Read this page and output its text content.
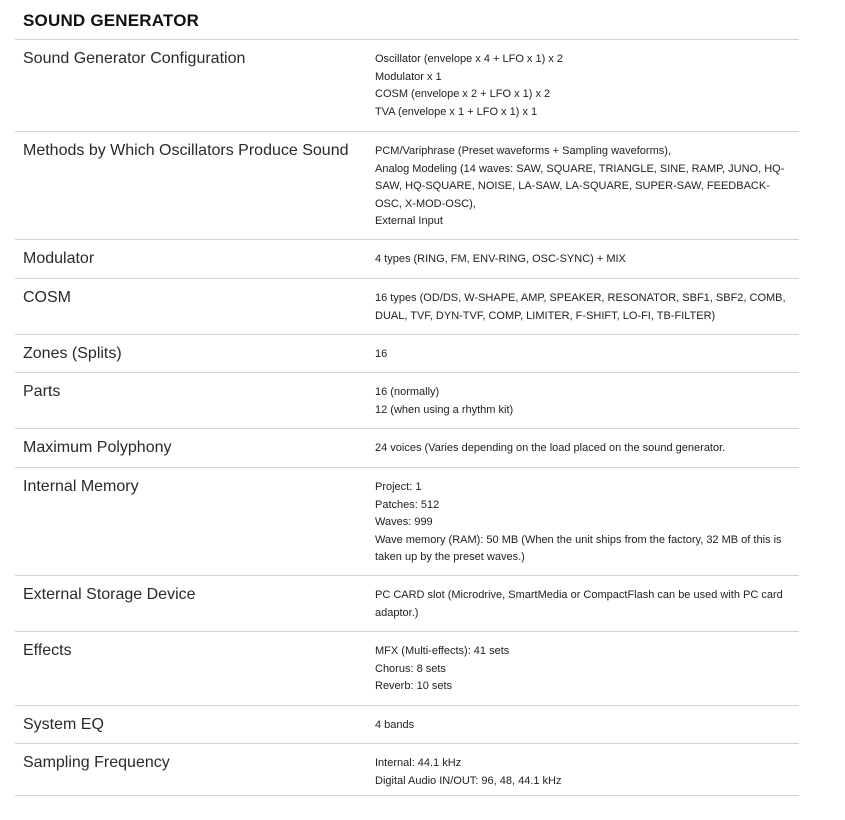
SOUND GENERATOR
Sound Generator Configuration	Oscillator (envelope x 4 + LFO x 1) x 2
Modulator x 1
COSM (envelope x 2 + LFO x 1) x 2
TVA (envelope x 1 + LFO x 1) x 1
Methods by Which Oscillators Produce Sound	PCM/Variphrase (Preset waveforms + Sampling waveforms),
Analog Modeling (14 waves: SAW, SQUARE, TRIANGLE, SINE, RAMP, JUNO, HQ-SAW, HQ-SQUARE, NOISE, LA-SAW, LA-SQUARE, SUPER-SAW, FEEDBACK-OSC, X-MOD-OSC),
External Input
Modulator	4 types (RING, FM, ENV-RING, OSC-SYNC) + MIX
COSM	16 types (OD/DS, W-SHAPE, AMP, SPEAKER, RESONATOR, SBF1, SBF2, COMB, DUAL, TVF, DYN-TVF, COMP, LIMITER, F-SHIFT, LO-FI, TB-FILTER)
Zones (Splits)	16
Parts	16 (normally)
12 (when using a rhythm kit)
Maximum Polyphony	24 voices (Varies depending on the load placed on the sound generator.
Internal Memory	Project: 1
Patches: 512
Waves: 999
Wave memory (RAM): 50 MB (When the unit ships from the factory, 32 MB of this is taken up by the preset waves.)
External Storage Device	PC CARD slot (Microdrive, SmartMedia or CompactFlash can be used with PC card adaptor.)
Effects	MFX (Multi-effects): 41 sets
Chorus: 8 sets
Reverb: 10 sets
System EQ	4 bands
Sampling Frequency	Internal: 44.1 kHz
Digital Audio IN/OUT: 96, 48, 44.1 kHz
